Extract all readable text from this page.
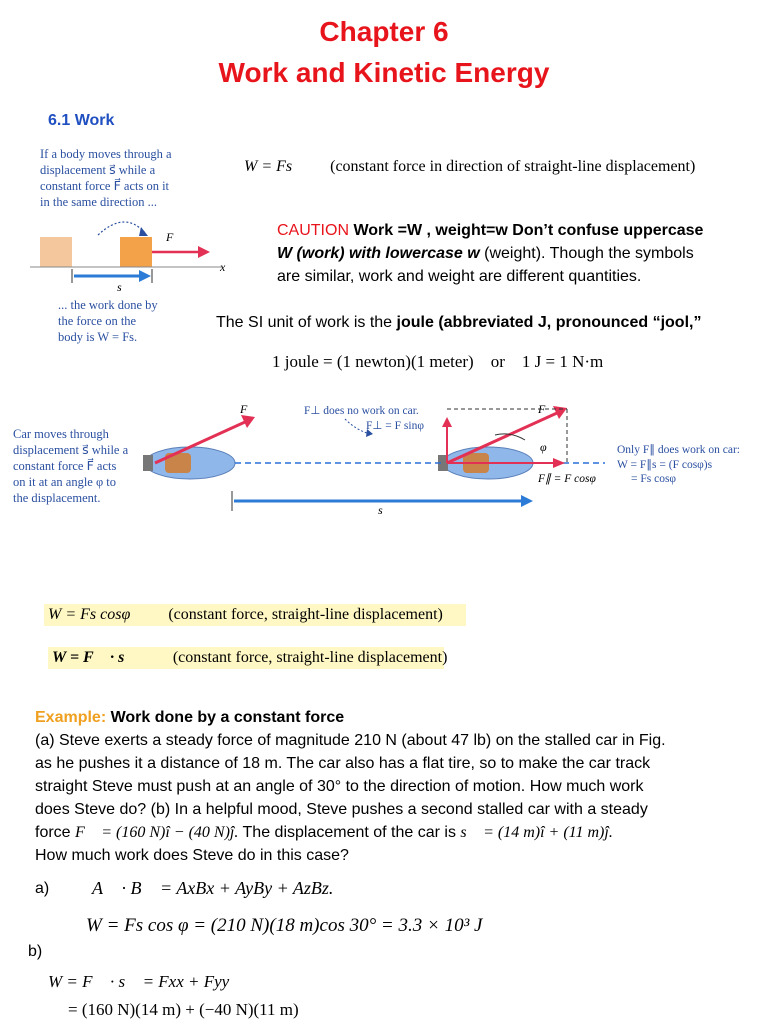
Chapter 6
Work and Kinetic Energy
6.1 Work
If a body moves through a
displacement s⃗ while a
constant force F⃗ acts on it
in the same direction ...
F⃗
x
s⃗
... the work done by
the force on the
body is W = Fs.
W = Fs (constant force in direction of straight-line displacement)
CAUTION Work =W , weight=w Don’t confuse uppercase
W (work) with lowercase w (weight). Though the symbols
are similar, work and weight are different quantities.
The SI unit of work is the joule (abbreviated J, pronounced “jool,”
1 joule = (1 newton)(1 meter)    or    1 J = 1 N·m
Car moves through
displacement s⃗ while a
constant force F⃗ acts
on it at an angle φ to
the displacement.
F⃗	F⃗
F⊥ does no work on car.
F⊥ = F sinφ
φ
F∥ = F cosφ
Only F∥ does work on car:
W = F∥s = (F cosφ)s
= Fs cosφ
s⃗
W = Fs cosφ (constant force, straight-line displacement)
W = F⃗ · s⃗ (constant force, straight-line displacement)
Example: Work done by a constant force
(a) Steve exerts a steady force of magnitude 210 N (about 47 lb) on the stalled car in Fig.
as he pushes it a distance of 18 m. The car also has a flat tire, so to make the car track
straight Steve must push at an angle of 30° to the direction of motion. How much work
does Steve do? (b) In a helpful mood, Steve pushes a second stalled car with a steady
force F⃗ = (160 N)î − (40 N)ĵ. The displacement of the car is s⃗ = (14 m)î + (11 m)ĵ.
How much work does Steve do in this case?
a) A⃗ · B⃗ = AxBx + AyBy + AzBz.
W = Fs cos φ = (210 N)(18 m)cos 30° = 3.3 × 10³ J
b)
W = F⃗ · s⃗ = Fxx + Fyy
= (160 N)(14 m) + (−40 N)(11 m)
